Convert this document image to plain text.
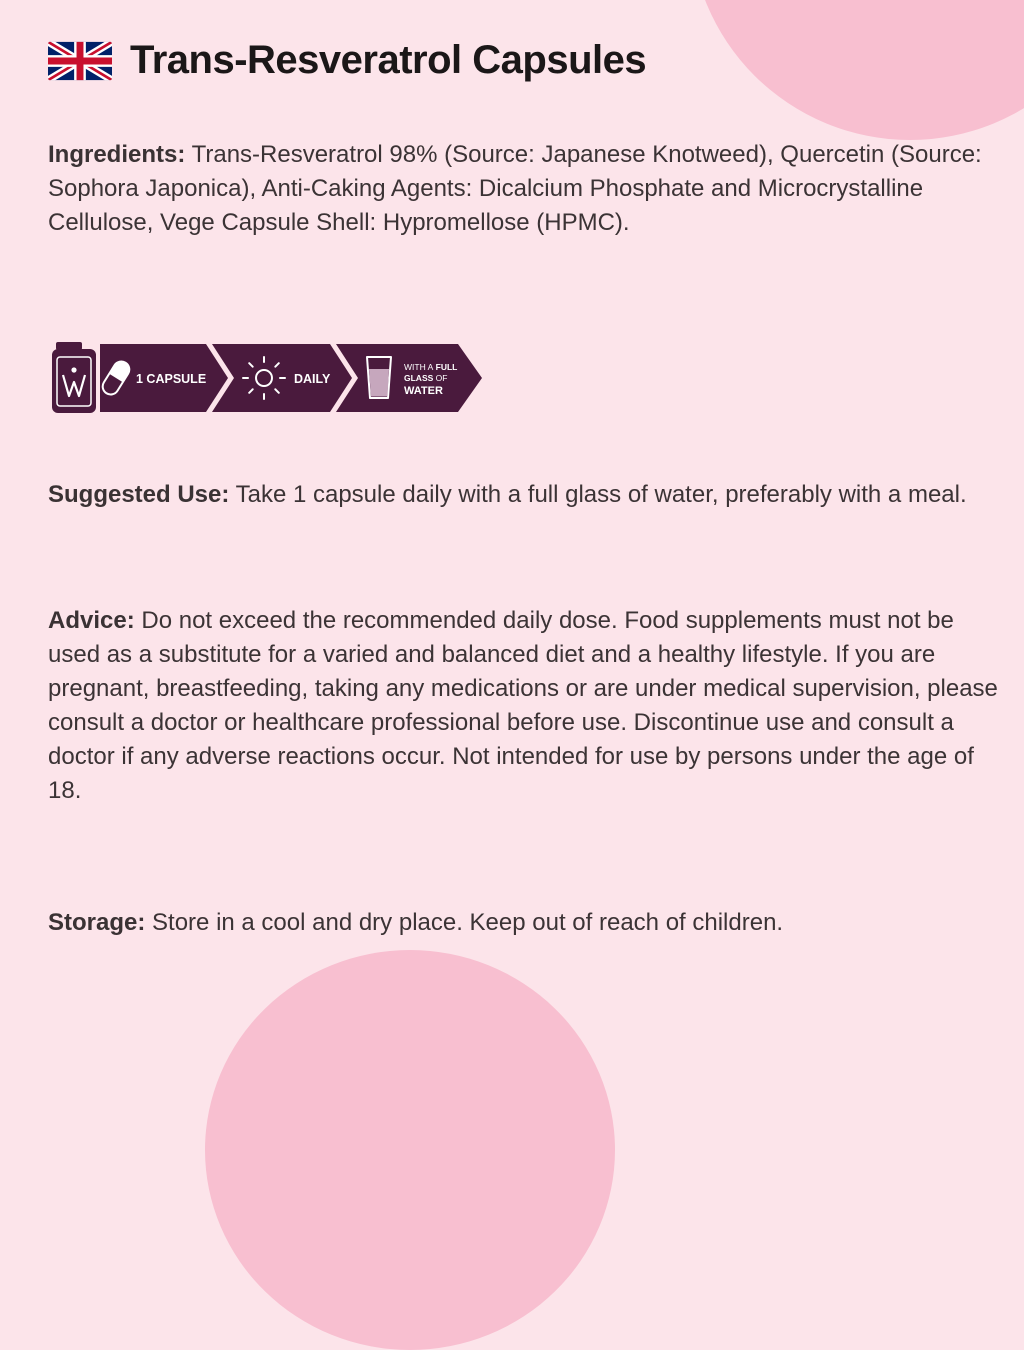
Trans-Resveratrol Capsules

Ingredients: Trans-Resveratrol 98% (Source: Japanese Knotweed), Quercetin (Source: Sophora Japonica), Anti-Caking Agents: Dicalcium Phosphate and Microcrystalline Cellulose, Vege Capsule Shell: Hypromellose (HPMC).

1 CAPSULE	DAILY
WITH A FULL
GLASS OF
WATER

Suggested Use: Take 1 capsule daily with a full glass of water, preferably with a meal.

Advice: Do not exceed the recommended daily dose. Food supplements must not be used as a substitute for a varied and balanced diet and a healthy lifestyle. If you are pregnant, breastfeeding, taking any medications or are under medical supervision, please consult a doctor or healthcare professional before use. Discontinue use and consult a doctor if any adverse reactions occur. Not intended for use by persons under the age of 18.

Storage: Store in a cool and dry place. Keep out of reach of children.
